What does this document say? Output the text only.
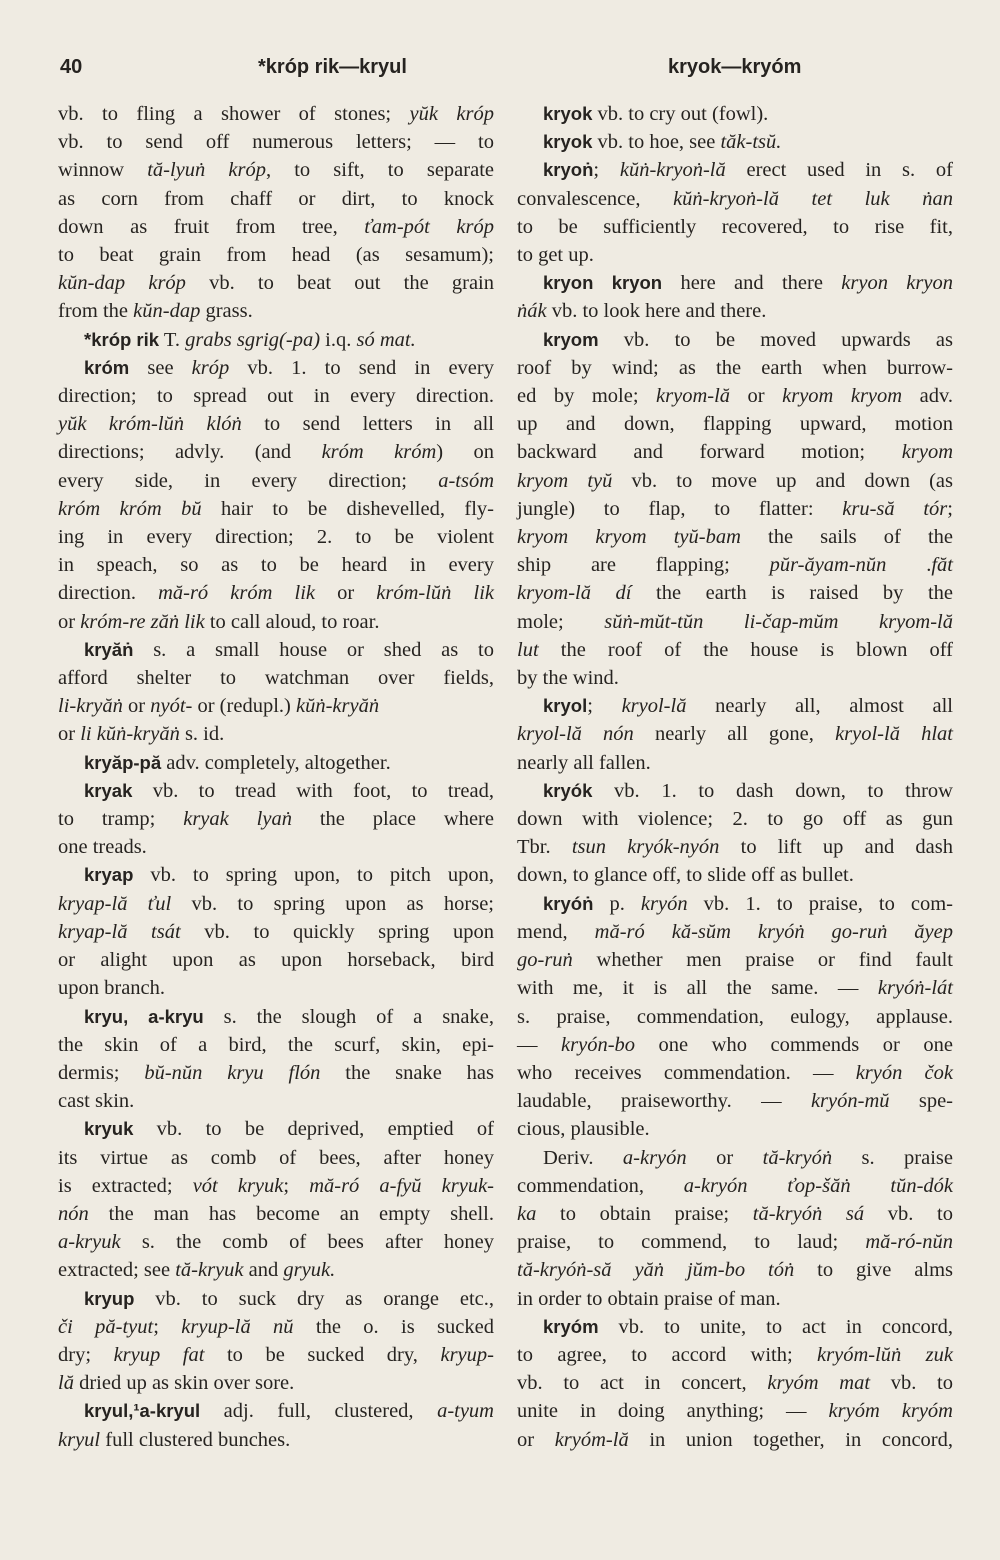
40	*króp rik—kryul	kryok—kryóm
vb. to fling a shower of stones; yŭk króp
vb. to send off numerous letters; — to
winnow tă-lyuṅ króp, to sift, to separate
as corn from chaff or dirt, to knock
down as fruit from tree, ťam-pót króp
to beat grain from head (as sesamum);
kŭn-dap króp vb. to beat out the grain
from the kŭn-dap grass.
*króp rik T. grabs sgrig(-pa) i.q. só mat.
króm see króp vb. 1. to send in every
direction; to spread out in every direction.
yŭk króm-lŭṅ klóṅ to send letters in all
directions; advly. (and króm króm) on
every side, in every direction; a-tsóm
króm króm bŭ hair to be dishevelled, fly-
ing in every direction; 2. to be violent
in speach, so as to be heard in every
direction. mă-ró króm lik or króm-lŭṅ lik
or króm-re zăṅ lik to call aloud, to roar.
kryăṅ s. a small house or shed as to
afford shelter to watchman over fields,
li-kryăṅ or nyót- or (redupl.) kŭṅ-kryăṅ
or li kŭṅ-kryăṅ s. id.
kryăp-pă adv. completely, altogether.
kryak vb. to tread with foot, to tread,
to tramp; kryak lyaṅ the place where
one treads.
kryap vb. to spring upon, to pitch upon,
kryap-lă ťul vb. to spring upon as horse;
kryap-lă tsát vb. to quickly spring upon
or alight upon as upon horseback, bird
upon branch.
kryu, a-kryu s. the slough of a snake,
the skin of a bird, the scurf, skin, epi-
dermis; bŭ-nŭn kryu flón the snake has
cast skin.
kryuk vb. to be deprived, emptied of
its virtue as comb of bees, after honey
is extracted; vót kryuk; mă-ró a-fyŭ kryuk-
nón the man has become an empty shell.
a-kryuk s. the comb of bees after honey
extracted; see tă-kryuk and gryuk.
kryup vb. to suck dry as orange etc.,
či pă-tyut; kryup-lă nŭ the o. is sucked
dry; kryup fat to be sucked dry, kryup-
lă dried up as skin over sore.
kryul,¹a-kryul adj. full, clustered, a-tyum
kryul full clustered bunches.
kryok vb. to cry out (fowl).
kryok vb. to hoe, see tăk-tsŭ.
kryoṅ; kŭṅ-kryoṅ-lă erect used in s. of
convalescence, kŭṅ-kryoṅ-lă tet luk ṅan
to be sufficiently recovered, to rise fit,
to get up.
kryon kryon here and there kryon kryon
ṅák vb. to look here and there.
kryom vb. to be moved upwards as
roof by wind; as the earth when burrow-
ed by mole; kryom-lă or kryom kryom adv.
up and down, flapping upward, motion
backward and forward motion; kryom
kryom tyŭ vb. to move up and down (as
jungle) to flap, to flatter: kru-să tór;
kryom kryom tyŭ-bam the sails of the
ship are flapping; pŭr-ăyam-nŭn .făt
kryom-lă dí the earth is raised by the
mole; sŭṅ-mŭt-tŭn li-čap-mŭm kryom-lă
lut the roof of the house is blown off
by the wind.
kryol; kryol-lă nearly all, almost all
kryol-lă nón nearly all gone, kryol-lă hlat
nearly all fallen.
kryók vb. 1. to dash down, to throw
down with violence; 2. to go off as gun
Tbr. tsun kryók-nyón to lift up and dash
down, to glance off, to slide off as bullet.
kryóṅ p. kryón vb. 1. to praise, to com-
mend, mă-ró kă-sŭm kryóṅ go-ruṅ ăyep
go-ruṅ whether men praise or find fault
with me, it is all the same. — kryóṅ-lát
s. praise, commendation, eulogy, applause.
— kryón-bo one who commends or one
who receives commendation. — kryón čok
laudable, praiseworthy. — kryón-mŭ spe-
cious, plausible.
Deriv. a-kryón or tă-kryóṅ s. praise
commendation, a-kryón ťop-šăṅ tŭn-dók
ka to obtain praise; tă-kryóṅ sá vb. to
praise, to commend, to laud; mă-ró-nŭn
tă-kryóṅ-să yăṅ jŭm-bo tóṅ to give alms
in order to obtain praise of man.
kryóm vb. to unite, to act in concord,
to agree, to accord with; kryóm-lŭṅ zuk
vb. to act in concert, kryóm mat vb. to
unite in doing anything; — kryóm kryóm
or kryóm-lă in union together, in concord,
